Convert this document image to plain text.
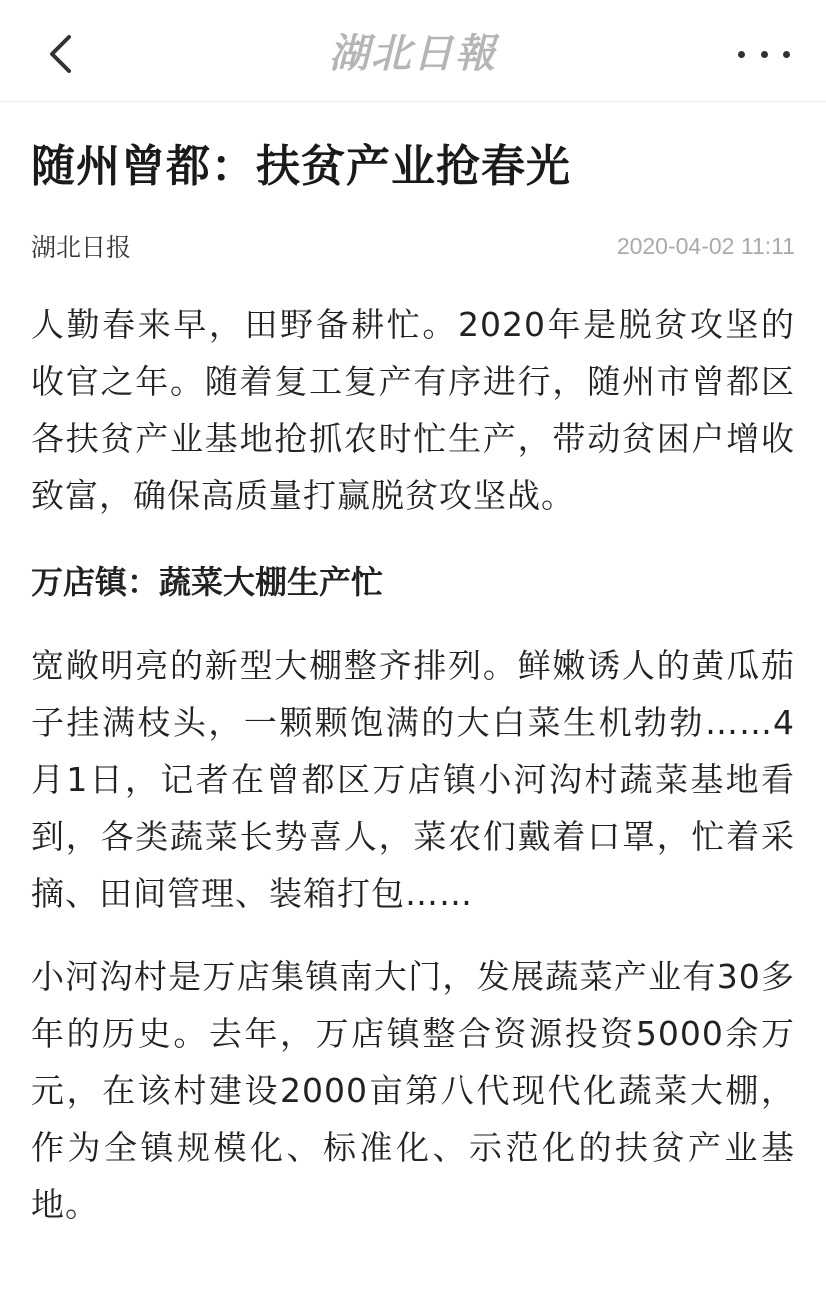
湖北日報
随州曾都：扶贫产业抢春光
湖北日报	2020-04-02 11:11

人勤春来早，田野备耕忙。2020年是脱贫攻坚的收官之年。随着复工复产有序进行，随州市曾都区各扶贫产业基地抢抓农时忙生产，带动贫困户增收致富，确保高质量打赢脱贫攻坚战。

万店镇：蔬菜大棚生产忙

宽敞明亮的新型大棚整齐排列。鲜嫩诱人的黄瓜茄子挂满枝头，一颗颗饱满的大白菜生机勃勃……4月1日，记者在曾都区万店镇小河沟村蔬菜基地看到，各类蔬菜长势喜人，菜农们戴着口罩，忙着采摘、田间管理、装箱打包……

小河沟村是万店集镇南大门，发展蔬菜产业有30多年的历史。去年，万店镇整合资源投资5000余万元，在该村建设2000亩第八代现代化蔬菜大棚，作为全镇规模化、标准化、示范化的扶贫产业基地。
